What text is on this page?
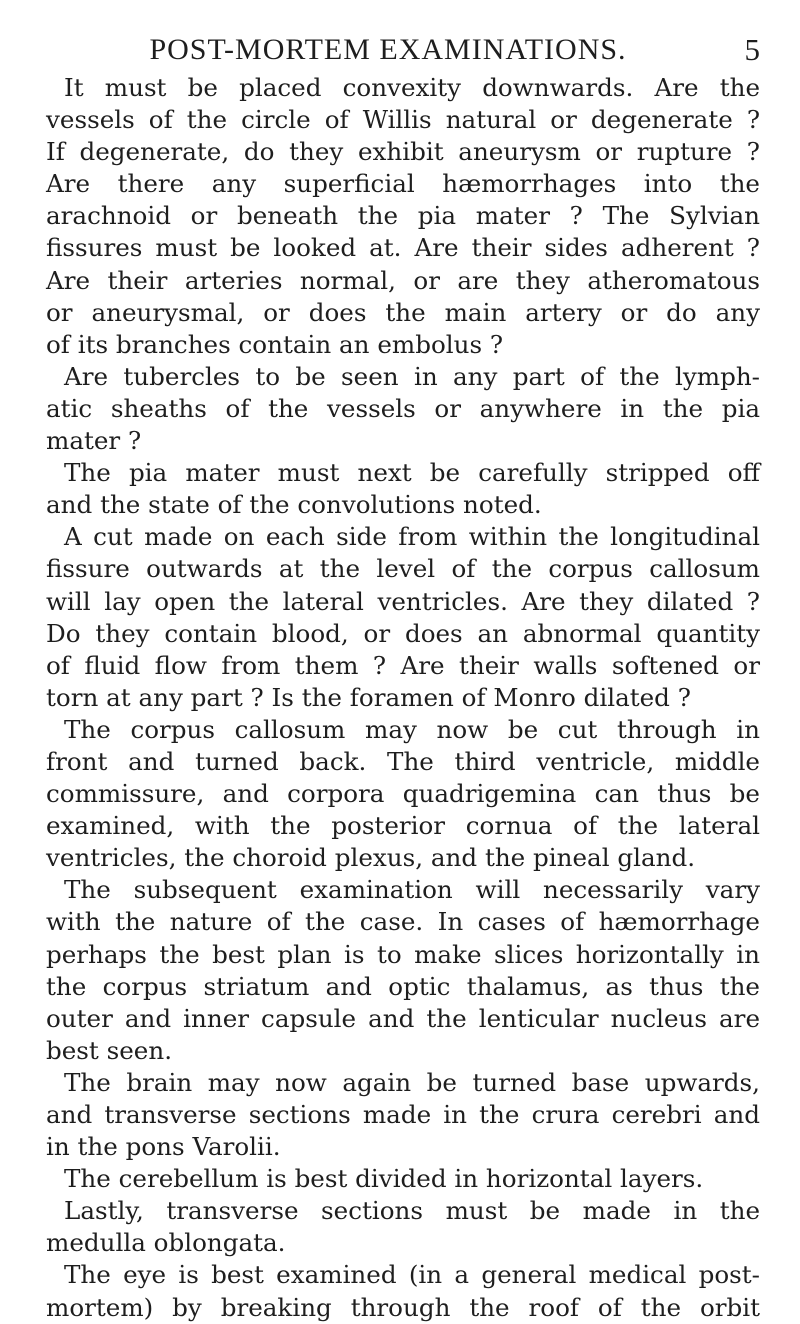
POST-MORTEM EXAMINATIONS.	5
It must be placed convexity downwards. Are the
vessels of the circle of Willis natural or degenerate ?
If degenerate, do they exhibit aneurysm or rupture ?
Are there any superficial hæmorrhages into the
arachnoid or beneath the pia mater ? The Sylvian
fissures must be looked at. Are their sides adherent ?
Are their arteries normal, or are they atheromatous
or aneurysmal, or does the main artery or do any
of its branches contain an embolus ?
Are tubercles to be seen in any part of the lymph-
atic sheaths of the vessels or anywhere in the pia
mater ?
The pia mater must next be carefully stripped off
and the state of the convolutions noted.
A cut made on each side from within the longitudinal
fissure outwards at the level of the corpus callosum
will lay open the lateral ventricles. Are they dilated ?
Do they contain blood, or does an abnormal quantity
of fluid flow from them ? Are their walls softened or
torn at any part ? Is the foramen of Monro dilated ?
The corpus callosum may now be cut through in
front and turned back. The third ventricle, middle
commissure, and corpora quadrigemina can thus be
examined, with the posterior cornua of the lateral
ventricles, the choroid plexus, and the pineal gland.
The subsequent examination will necessarily vary
with the nature of the case. In cases of hæmorrhage
perhaps the best plan is to make slices horizontally in
the corpus striatum and optic thalamus, as thus the
outer and inner capsule and the lenticular nucleus are
best seen.
The brain may now again be turned base upwards,
and transverse sections made in the crura cerebri and
in the pons Varolii.
The cerebellum is best divided in horizontal layers.
Lastly, transverse sections must be made in the
medulla oblongata.
The eye is best examined (in a general medical post-
mortem) by breaking through the roof of the orbit
